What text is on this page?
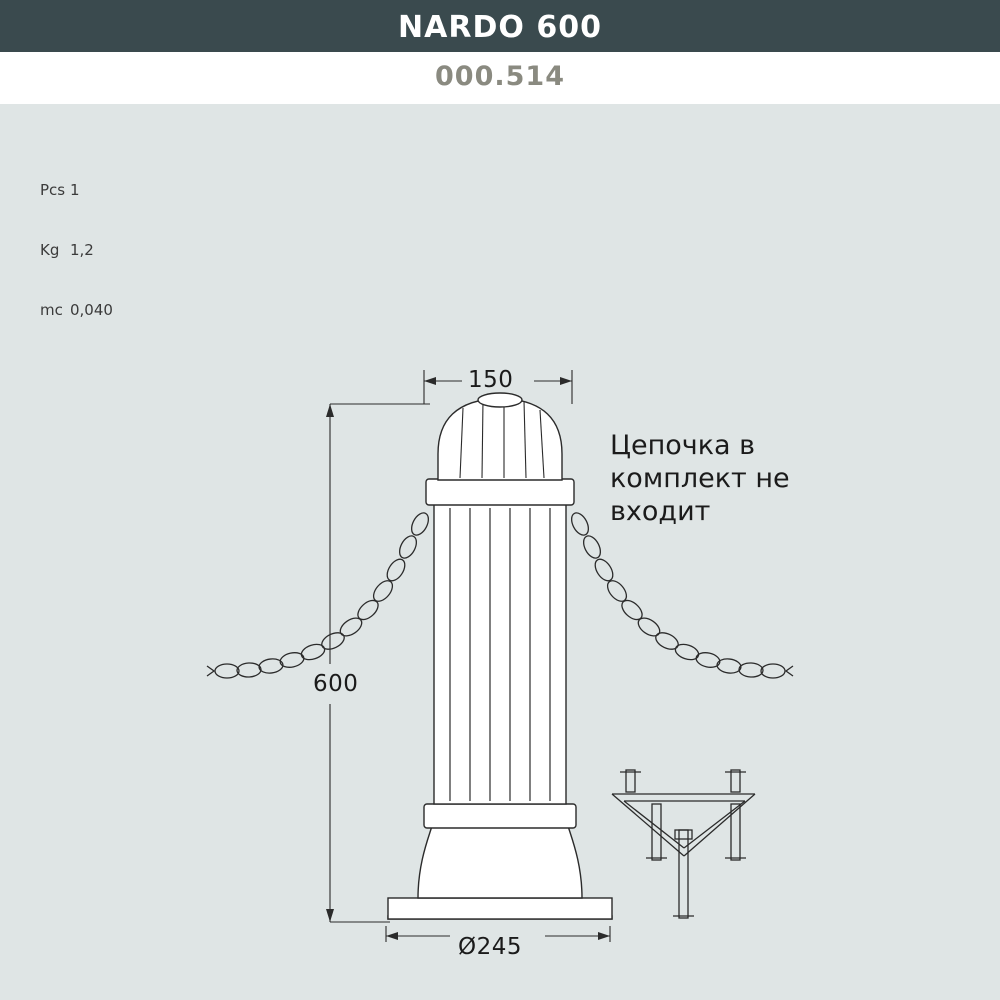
NARDO 600
000.514

Pcs 1

Kg 1,2

mc 0,040

Цепочка в комплект не входит
150
600
Ø245
